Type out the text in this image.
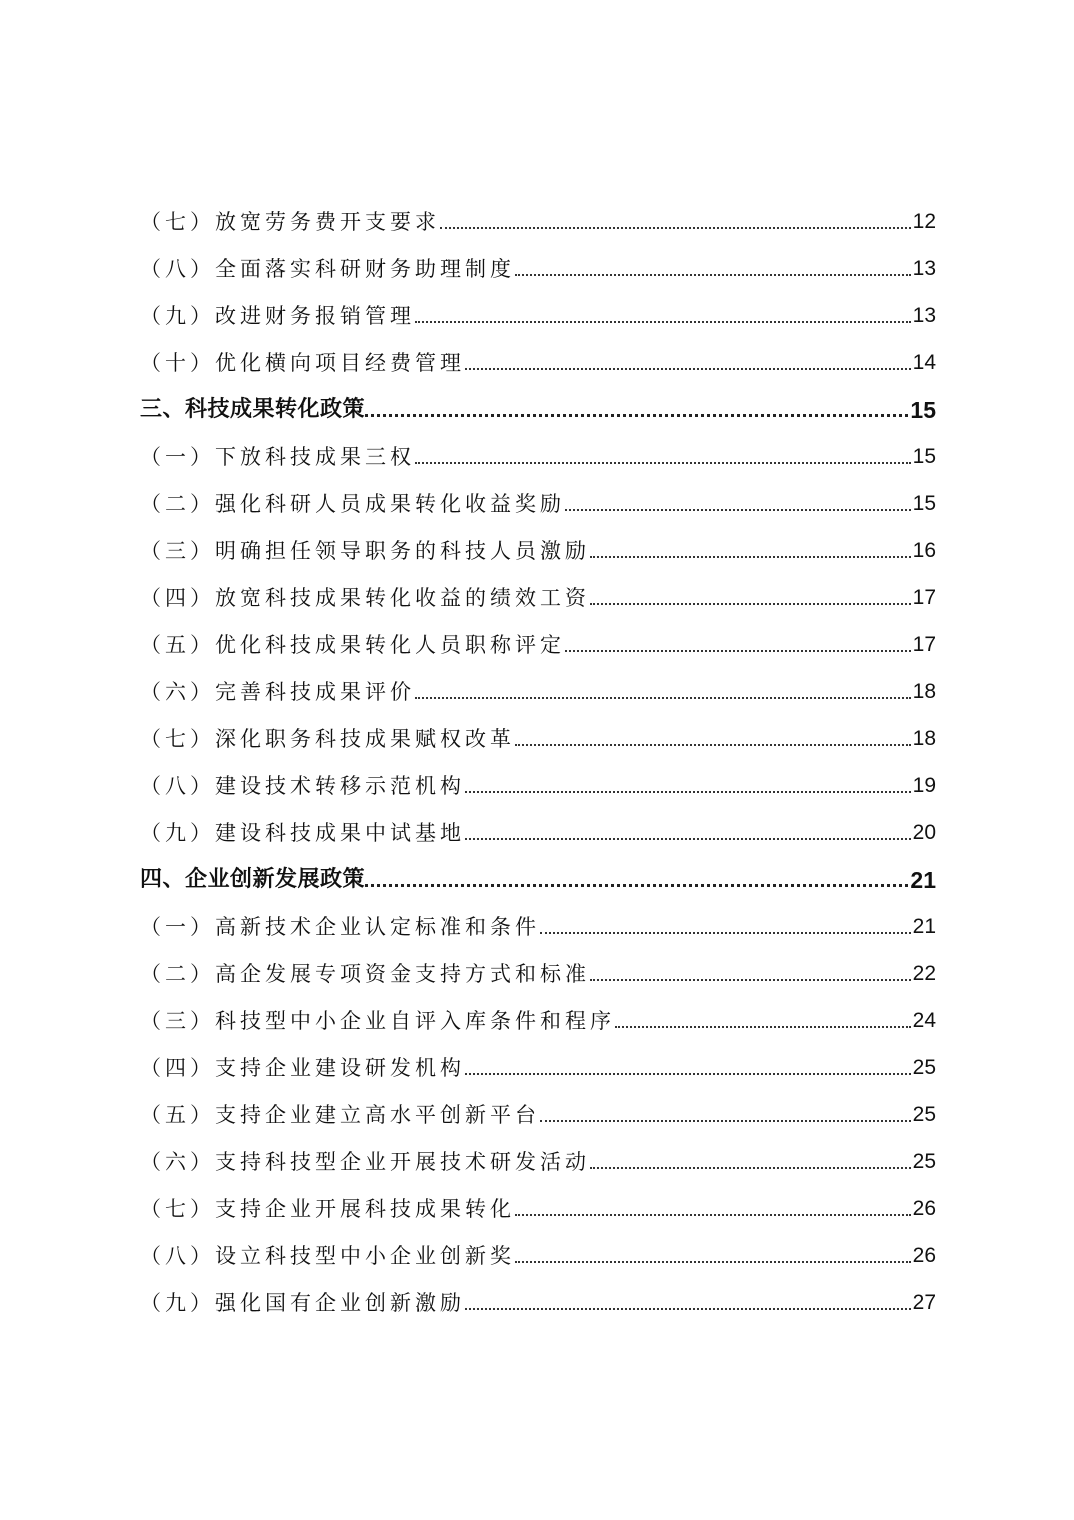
（七）放宽劳务费开支要求	12
（八）全面落实科研财务助理制度	13
（九）改进财务报销管理	13
（十）优化横向项目经费管理	14
三、科技成果转化政策	15
（一）下放科技成果三权	15
（二）强化科研人员成果转化收益奖励	15
（三）明确担任领导职务的科技人员激励	16
（四）放宽科技成果转化收益的绩效工资	17
（五）优化科技成果转化人员职称评定	17
（六）完善科技成果评价	18
（七）深化职务科技成果赋权改革	18
（八）建设技术转移示范机构	19
（九）建设科技成果中试基地	20
四、企业创新发展政策	21
（一）高新技术企业认定标准和条件	21
（二）高企发展专项资金支持方式和标准	22
（三）科技型中小企业自评入库条件和程序	24
（四）支持企业建设研发机构	25
（五）支持企业建立高水平创新平台	25
（六）支持科技型企业开展技术研发活动	25
（七）支持企业开展科技成果转化	26
（八）设立科技型中小企业创新奖	26
（九）强化国有企业创新激励	27
